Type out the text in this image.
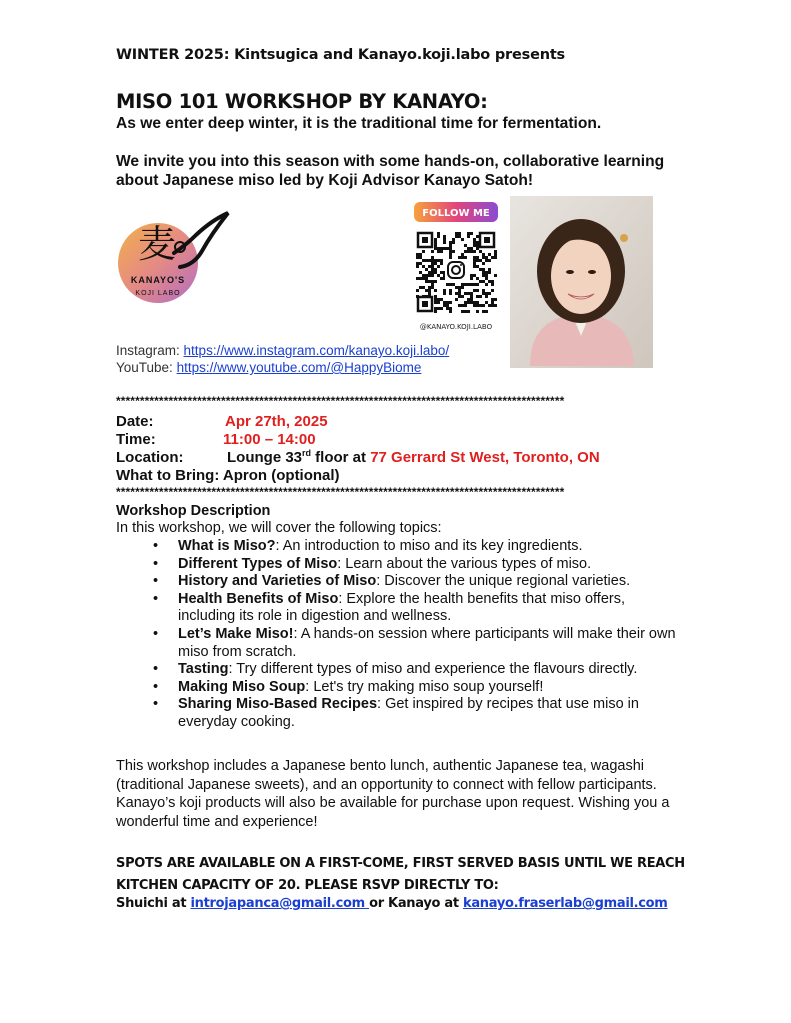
WINTER 2025: Kintsugica and Kanayo.koji.labo presents
MISO 101 WORKSHOP BY KANAYO:
As we enter deep winter, it is the traditional time for fermentation.
We invite you into this season with some hands-on, collaborative learning
about Japanese miso led by Koji Advisor Kanayo Satoh!
麦
KANAYO'S
KOJI LABO
FOLLOW ME
@KANAYO.KOJI.LABO
Instagram: https://www.instagram.com/kanayo.koji.labo/
YouTube: https://www.youtube.com/@HappyBiome
**********************************************************************************************
Date:	Apr 27th, 2025
Time:	11:00 – 14:00
Location:	Lounge 33rd floor at 77 Gerrard St West, Toronto, ON
What to Bring: Apron (optional)
**********************************************************************************************
Workshop Description
In this workshop, we will cover the following topics:
• What is Miso?: An introduction to miso and its key ingredients.
• Different Types of Miso: Learn about the various types of miso.
• History and Varieties of Miso: Discover the unique regional varieties.
• Health Benefits of Miso: Explore the health benefits that miso offers, including its role in digestion and wellness.
• Let’s Make Miso!: A hands-on session where participants will make their own miso from scratch.
• Tasting: Try different types of miso and experience the flavours directly.
• Making Miso Soup: Let's try making miso soup yourself!
• Sharing Miso-Based Recipes: Get inspired by recipes that use miso in everyday cooking.
This workshop includes a Japanese bento lunch, authentic Japanese tea, wagashi (traditional Japanese sweets), and an opportunity to connect with fellow participants. Kanayo’s koji products will also be available for purchase upon request. Wishing you a wonderful time and experience!
SPOTS ARE AVAILABLE ON A FIRST-COME, FIRST SERVED BASIS UNTIL WE REACH KITCHEN CAPACITY OF 20. PLEASE RSVP DIRECTLY TO:
Shuichi at introjapanca@gmail.com or Kanayo at kanayo.fraserlab@gmail.com
